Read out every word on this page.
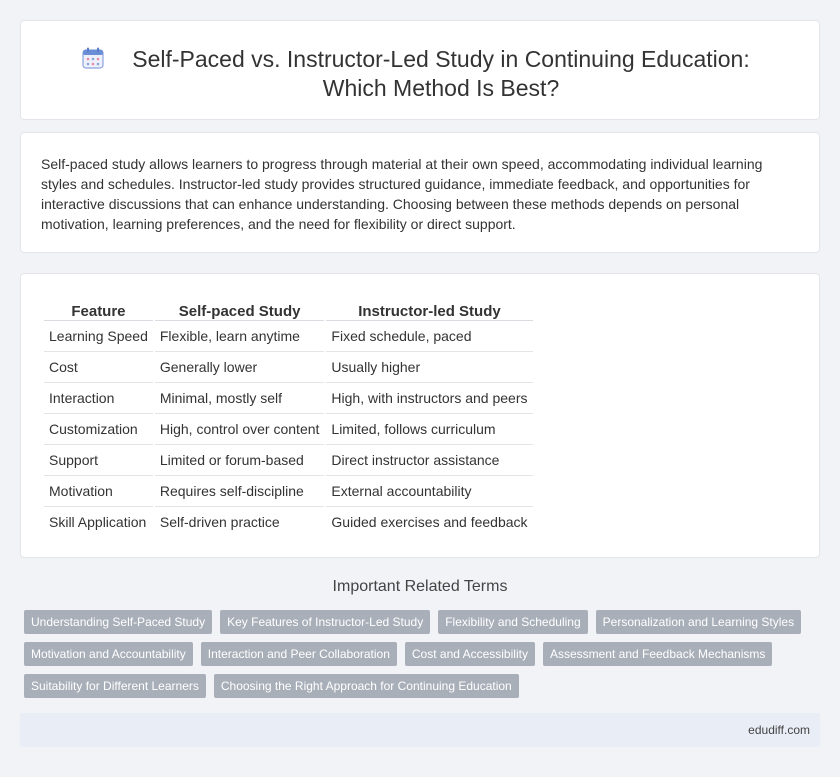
Self-Paced vs. Instructor-Led Study in Continuing Education: Which Method Is Best?

Self-paced study allows learners to progress through material at their own speed, accommodating individual learning styles and schedules. Instructor-led study provides structured guidance, immediate feedback, and opportunities for interactive discussions that can enhance understanding. Choosing between these methods depends on personal motivation, learning preferences, and the need for flexibility or direct support.

Feature	Self-paced Study	Instructor-led Study
Learning Speed	Flexible, learn anytime	Fixed schedule, paced
Cost	Generally lower	Usually higher
Interaction	Minimal, mostly self	High, with instructors and peers
Customization	High, control over content	Limited, follows curriculum
Support	Limited or forum-based	Direct instructor assistance
Motivation	Requires self-discipline	External accountability
Skill Application	Self-driven practice	Guided exercises and feedback
Important Related Terms
Understanding Self-Paced Study	Key Features of Instructor-Led Study	Flexibility and Scheduling	Personalization and Learning Styles
Motivation and Accountability	Interaction and Peer Collaboration	Cost and Accessibility	Assessment and Feedback Mechanisms
Suitability for Different Learners	Choosing the Right Approach for Continuing Education
edudiff.com
